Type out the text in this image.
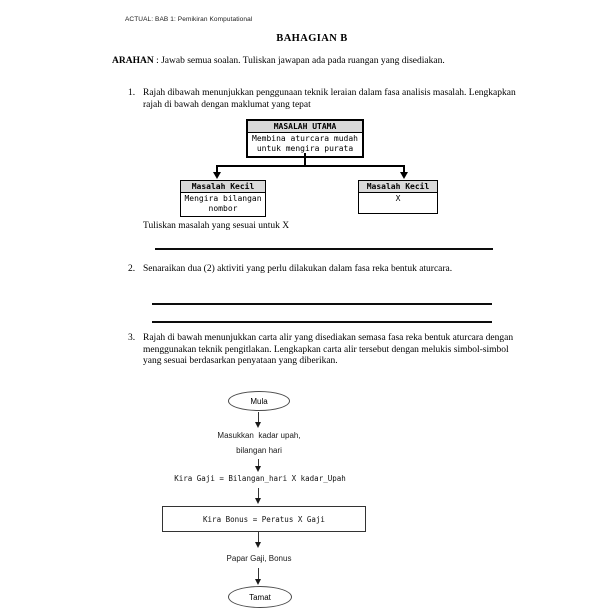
ACTUAL: BAB 1: Pemikiran Komputational
BAHAGIAN B
ARAHAN : Jawab semua soalan. Tuliskan jawapan ada pada ruangan yang disediakan.
1. Rajah dibawah menunjukkan penggunaan teknik leraian dalam fasa analisis masalah. Lengkapkan rajah di bawah dengan maklumat yang tepat
MASALAH UTAMA
Membina aturcara mudah
untuk mengira purata
Masalah Kecil
Mengira bilangan
nombor
Masalah Kecil
X
Tuliskan masalah yang sesuai untuk X
2. Senaraikan dua (2) aktiviti yang perlu dilakukan dalam fasa reka bentuk aturcara.
3. Rajah di bawah menunjukkan carta alir yang disediakan semasa fasa reka bentuk aturcara dengan menggunakan teknik pengitlakan. Lengkapkan carta alir tersebut dengan melukis simbol-simbol yang sesuai berdasarkan penyataan yang diberikan.
Mula
Masukkan  kadar upah,
bilangan hari
Kira Gaji = Bilangan_hari X kadar_Upah
Kira Bonus = Peratus X Gaji
Papar Gaji, Bonus
Tamat
